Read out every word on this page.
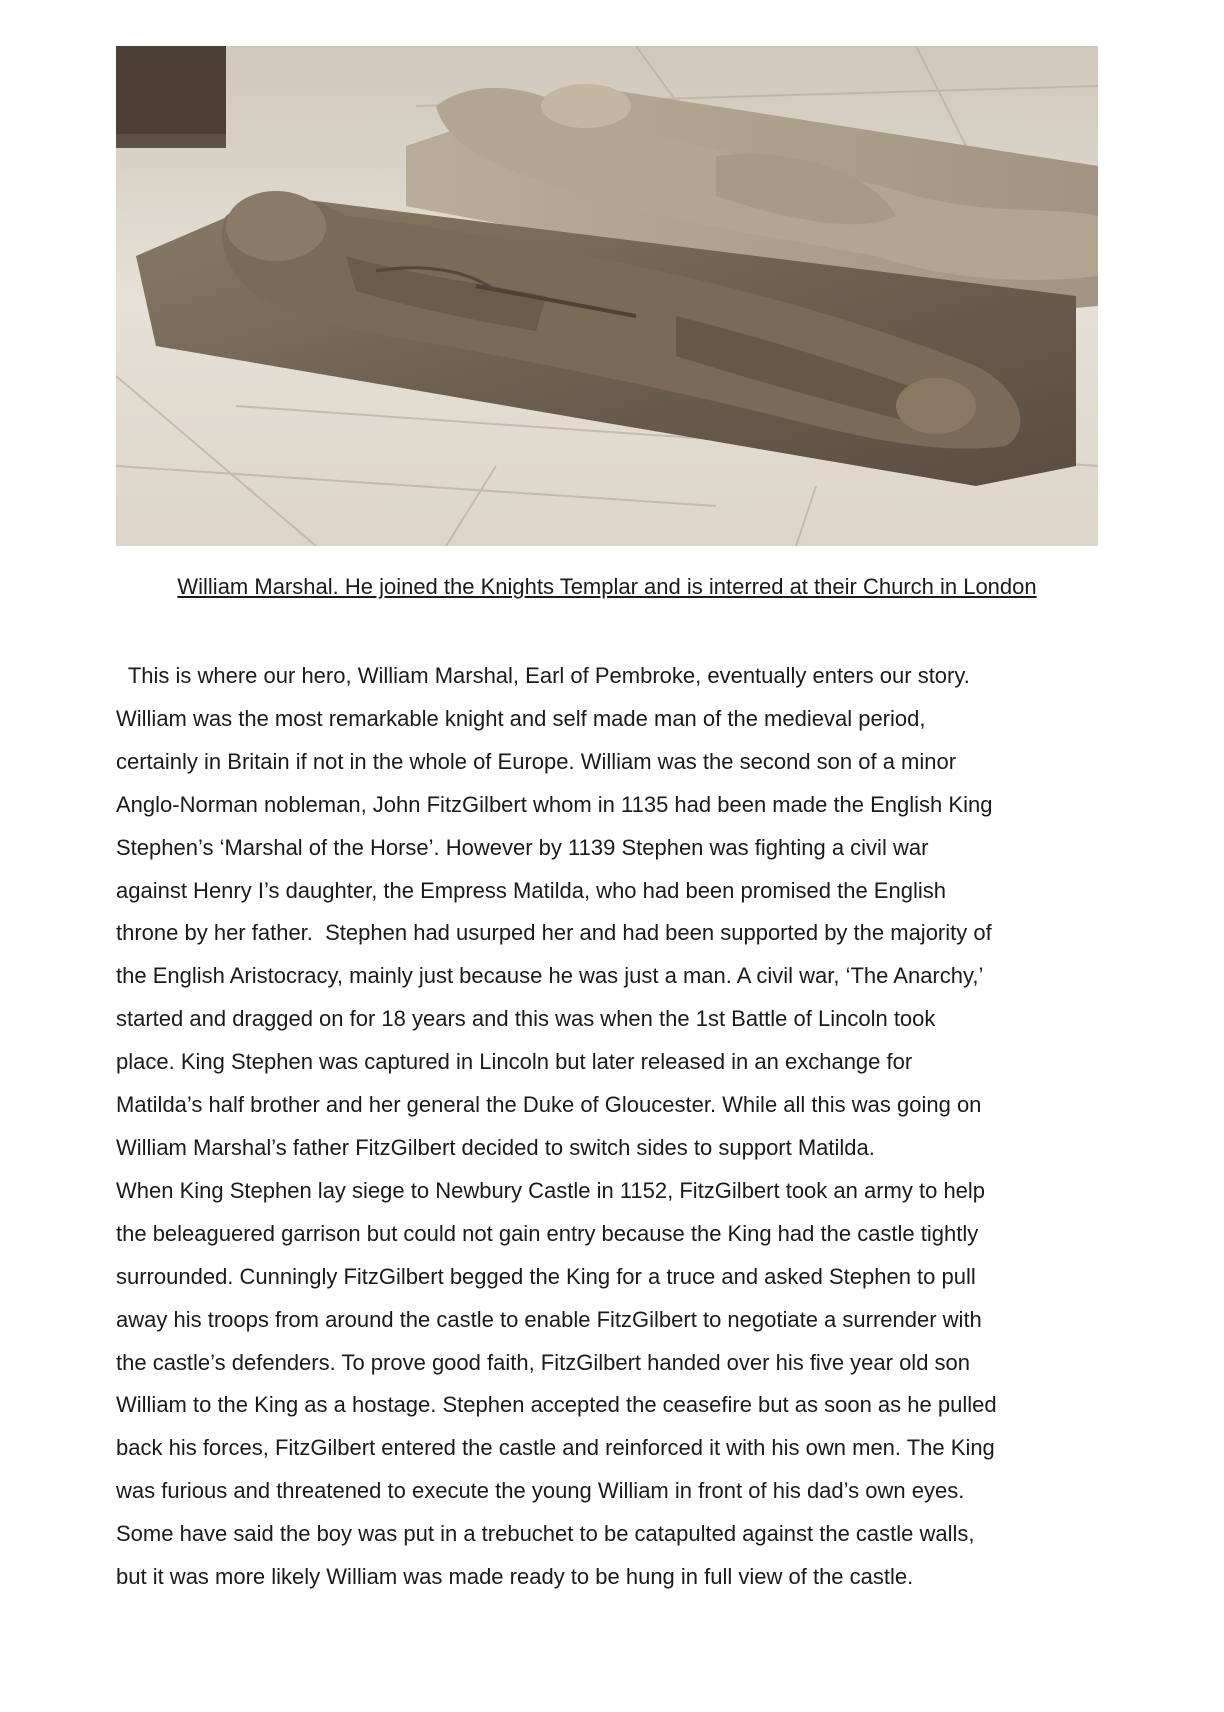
William Marshal. He joined the Knights Templar and is interred at their Church in London
This is where our hero, William Marshal, Earl of Pembroke, eventually enters our story.
William was the most remarkable knight and self made man of the medieval period,
certainly in Britain if not in the whole of Europe. William was the second son of a minor
Anglo-Norman nobleman, John FitzGilbert whom in 1135 had been made the English King
Stephen’s ‘Marshal of the Horse’. However by 1139 Stephen was fighting a civil war
against Henry I’s daughter, the Empress Matilda, who had been promised the English
throne by her father.  Stephen had usurped her and had been supported by the majority of
the English Aristocracy, mainly just because he was just a man. A civil war, ‘The Anarchy,’
started and dragged on for 18 years and this was when the 1st Battle of Lincoln took
place. King Stephen was captured in Lincoln but later released in an exchange for
Matilda’s half brother and her general the Duke of Gloucester. While all this was going on
William Marshal’s father FitzGilbert decided to switch sides to support Matilda.
When King Stephen lay siege to Newbury Castle in 1152, FitzGilbert took an army to help
the beleaguered garrison but could not gain entry because the King had the castle tightly
surrounded. Cunningly FitzGilbert begged the King for a truce and asked Stephen to pull
away his troops from around the castle to enable FitzGilbert to negotiate a surrender with
the castle’s defenders. To prove good faith, FitzGilbert handed over his five year old son
William to the King as a hostage. Stephen accepted the ceasefire but as soon as he pulled
back his forces, FitzGilbert entered the castle and reinforced it with his own men. The King
was furious and threatened to execute the young William in front of his dad’s own eyes.
Some have said the boy was put in a trebuchet to be catapulted against the castle walls,
but it was more likely William was made ready to be hung in full view of the castle.
